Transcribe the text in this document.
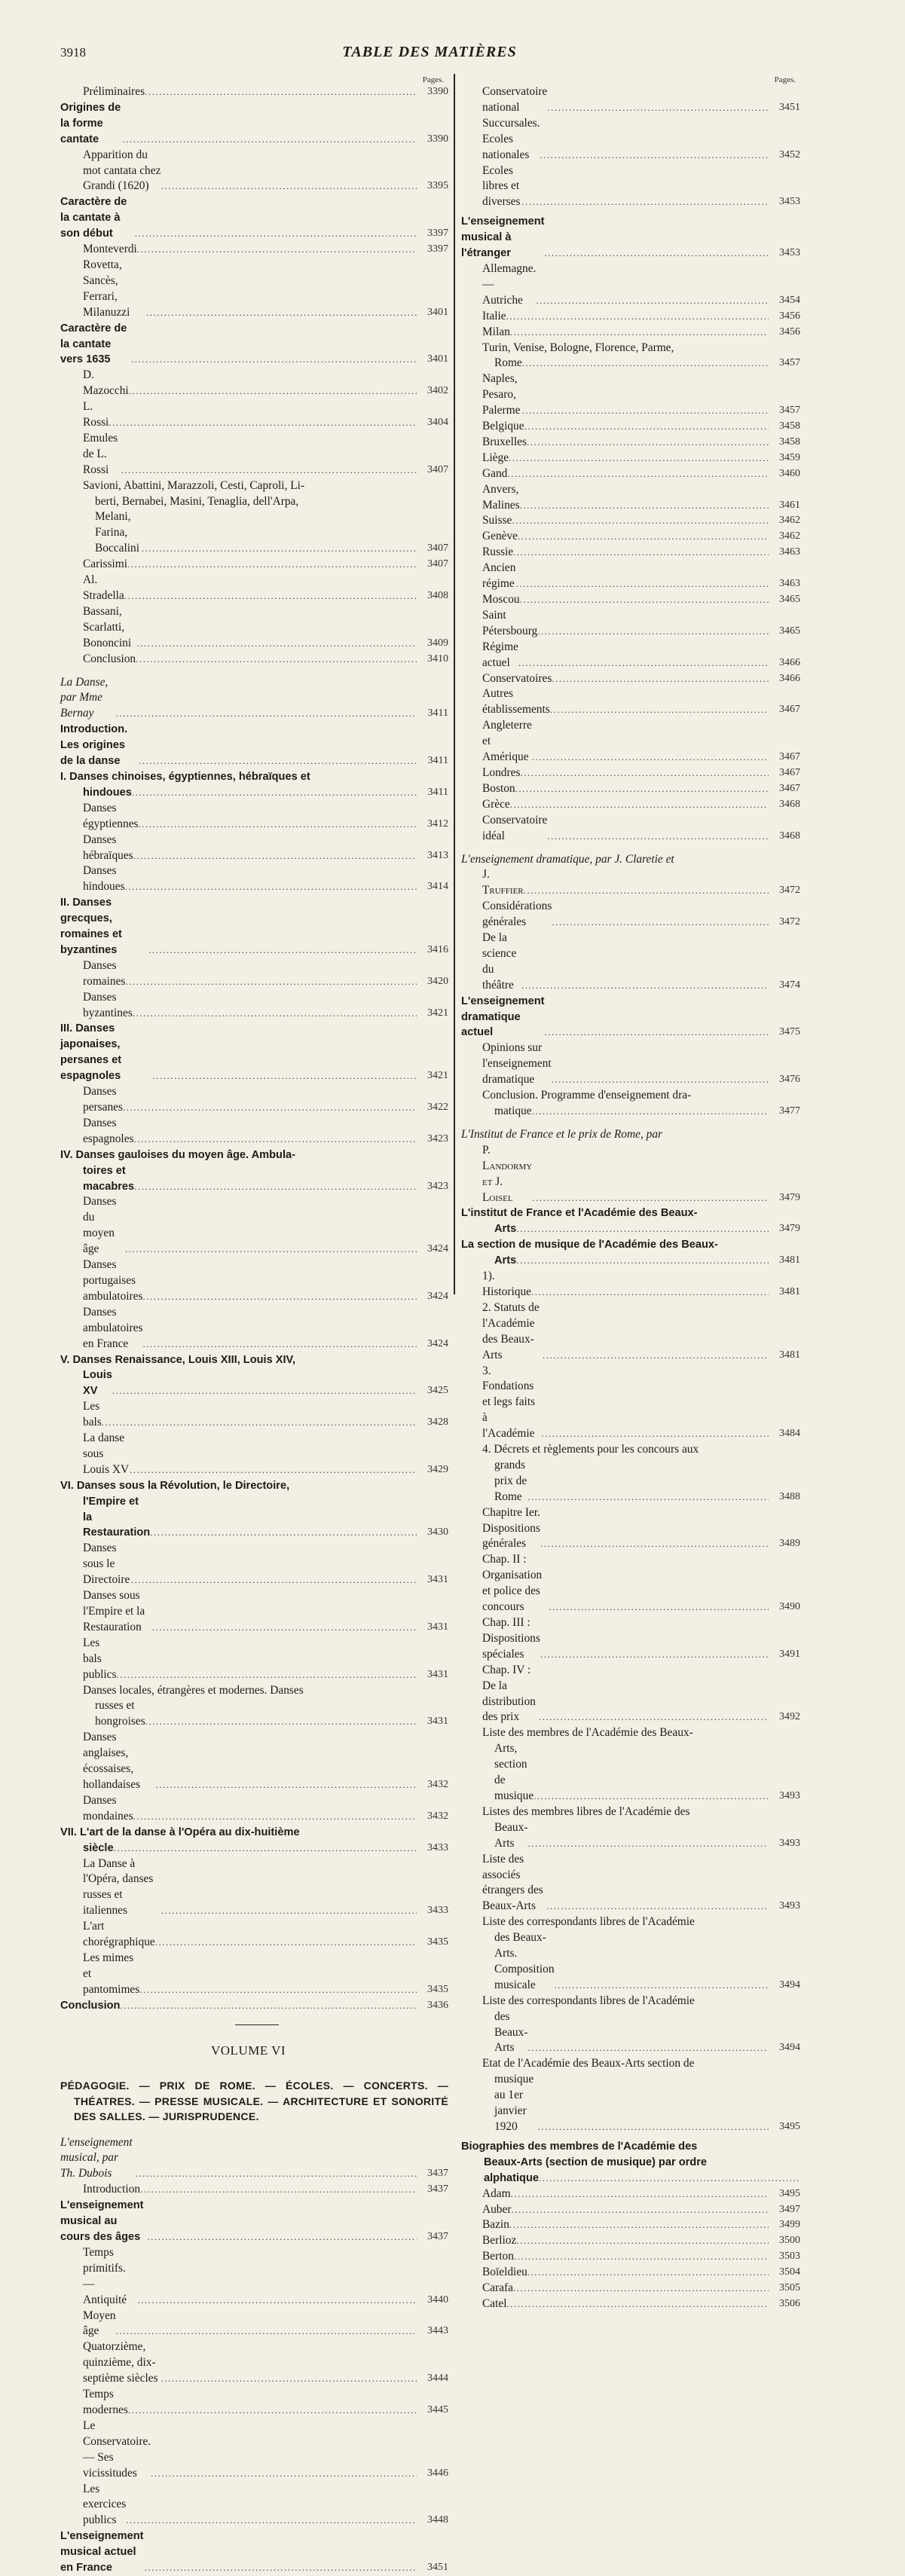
3918	TABLE DES MATIÈRES
Pages.
Préliminaires .....	3390
Origines de la forme cantate .....	3390
Apparition du mot cantata chez Grandi (1620) .....	3395
Caractère de la cantate à son début .....	3397
Monteverdi .....	3397
Rovetta, Sancès, Ferrari, Milanuzzi .....	3401
Caractère de la cantate vers 1635 .....	3401
D. Mazocchi .....	3402
L. Rossi .....	3404
Emules de L. Rossi .....	3407
Savioni, Abattini, Marazzoli, Cesti, Caproli, Li-
berti, Bernabei, Masini, Tenaglia, dell'Arpa,
Melani, Farina, Boccalini .....	3407
Carissimi .....	3407
Al. Stradella .....	3408
Bassani, Scarlatti, Bononcini .....	3409
Conclusion .....	3410
La Danse, par Mme Bernay .....	3411
Introduction. Les origines de la danse .....	3411
I. Danses chinoises, égyptiennes, hébraïques et
hindoues .....	3411
Danses égyptiennes .....	3412
Danses hébraïques .....	3413
Danses hindoues .....	3414
II. Danses grecques, romaines et byzantines .....	3416
Danses romaines .....	3420
Danses byzantines .....	3421
III. Danses japonaises, persanes et espagnoles .....	3421
Danses persanes .....	3422
Danses espagnoles .....	3423
IV. Danses gauloises du moyen âge. Ambula-
toires et macabres .....	3423
Danses du moyen âge .....	3424
Danses portugaises ambulatoires .....	3424
Danses ambulatoires en France .....	3424
V. Danses Renaissance, Louis XIII, Louis XIV,
Louis XV .....	3425
Les bals .....	3428
La danse sous Louis XV .....	3429
VI. Danses sous la Révolution, le Directoire,
l'Empire et la Restauration .....	3430
Danses sous le Directoire .....	3431
Danses sous l'Empire et la Restauration .....	3431
Les bals publics .....	3431
Danses locales, étrangères et modernes. Danses
russes et hongroises .....	3431
Danses anglaises, écossaises, hollandaises .....	3432
Danses mondaines .....	3432
VII. L'art de la danse à l'Opéra au dix-huitième
siècle .....	3433
La Danse à l'Opéra, danses russes et italiennes .....	3433
L'art chorégraphique .....	3435
Les mimes et pantomimes .....	3435
Conclusion .....	3436
VOLUME VI
PÉDAGOGIE. — PRIX DE ROME. — ÉCOLES. — CONCERTS. — THÉATRES. — PRESSE MUSICALE. — ARCHITECTURE ET SONORITÉ DES SALLES. — JURISPRUDENCE.
L'enseignement musical, par Th. Dubois .....	3437
Introduction .....	3437
L'enseignement musical au cours des âges .....	3437
Temps primitifs. — Antiquité .....	3440
Moyen âge .....	3443
Quatorzième, quinzième, dix-septième siècles .....	3444
Temps modernes .....	3445
Le Conservatoire. — Ses vicissitudes .....	3446
Les exercices publics .....	3448
L'enseignement musical actuel en France .....	3451
Pages.
Conservatoire national .....	3451
Succursales. Ecoles nationales .....	3452
Ecoles libres et diverses .....	3453
L'enseignement musical à l'étranger .....	3453
Allemagne. — Autriche .....	3454
Italie .....	3456
Milan .....	3456
Turin, Venise, Bologne, Florence, Parme,
Rome .....	3457
Naples, Pesaro, Palerme .....	3457
Belgique .....	3458
Bruxelles .....	3458
Liège .....	3459
Gand .....	3460
Anvers, Malines .....	3461
Suisse .....	3462
Genève .....	3462
Russie .....	3463
Ancien régime .....	3463
Moscou .....	3465
Saint Pétersbourg .....	3465
Régime actuel .....	3466
Conservatoires .....	3466
Autres établissements .....	3467
Angleterre et Amérique .....	3467
Londres .....	3467
Boston .....	3467
Grèce .....	3468
Conservatoire idéal .....	3468
L'enseignement dramatique, par J. Claretie et
J. Truffier .....	3472
Considérations générales .....	3472
De la science du théâtre .....	3474
L'enseignement dramatique actuel .....	3475
Opinions sur l'enseignement dramatique .....	3476
Conclusion. Programme d'enseignement dra-
matique .....	3477
L'Institut de France et le prix de Rome, par
P. Landormy et J. Loisel .....	3479
L'institut de France et l'Académie des Beaux-
Arts .....	3479
La section de musique de l'Académie des Beaux-
Arts .....	3481
1). Historique .....	3481
2. Statuts de l'Académie des Beaux-Arts .....	3481
3. Fondations et legs faits à l'Académie .....	3484
4. Décrets et règlements pour les concours aux
grands prix de Rome .....	3488
Chapitre Ier. Dispositions générales .....	3489
Chap. II : Organisation et police des concours .....	3490
Chap. III : Dispositions spéciales .....	3491
Chap. IV : De la distribution des prix .....	3492
Liste des membres de l'Académie des Beaux-
Arts, section de musique .....	3493
Listes des membres libres de l'Académie des
Beaux-Arts .....	3493
Liste des associés étrangers des Beaux-Arts .....	3493
Liste des correspondants libres de l'Académie
des Beaux-Arts. Composition musicale .....	3494
Liste des correspondants libres de l'Académie
des Beaux-Arts .....	3494
Etat de l'Académie des Beaux-Arts section de
musique au 1er janvier 1920 .....	3495
Biographies des membres de l'Académie des
Beaux-Arts (section de musique) par ordre
alphatique
.....
Adam .....	3495
Auber .....	3497
Bazin .....	3499
Berlioz .....	3500
Berton .....	3503
Boïeldieu .....	3504
Carafa .....	3505
Catel .....	3506
